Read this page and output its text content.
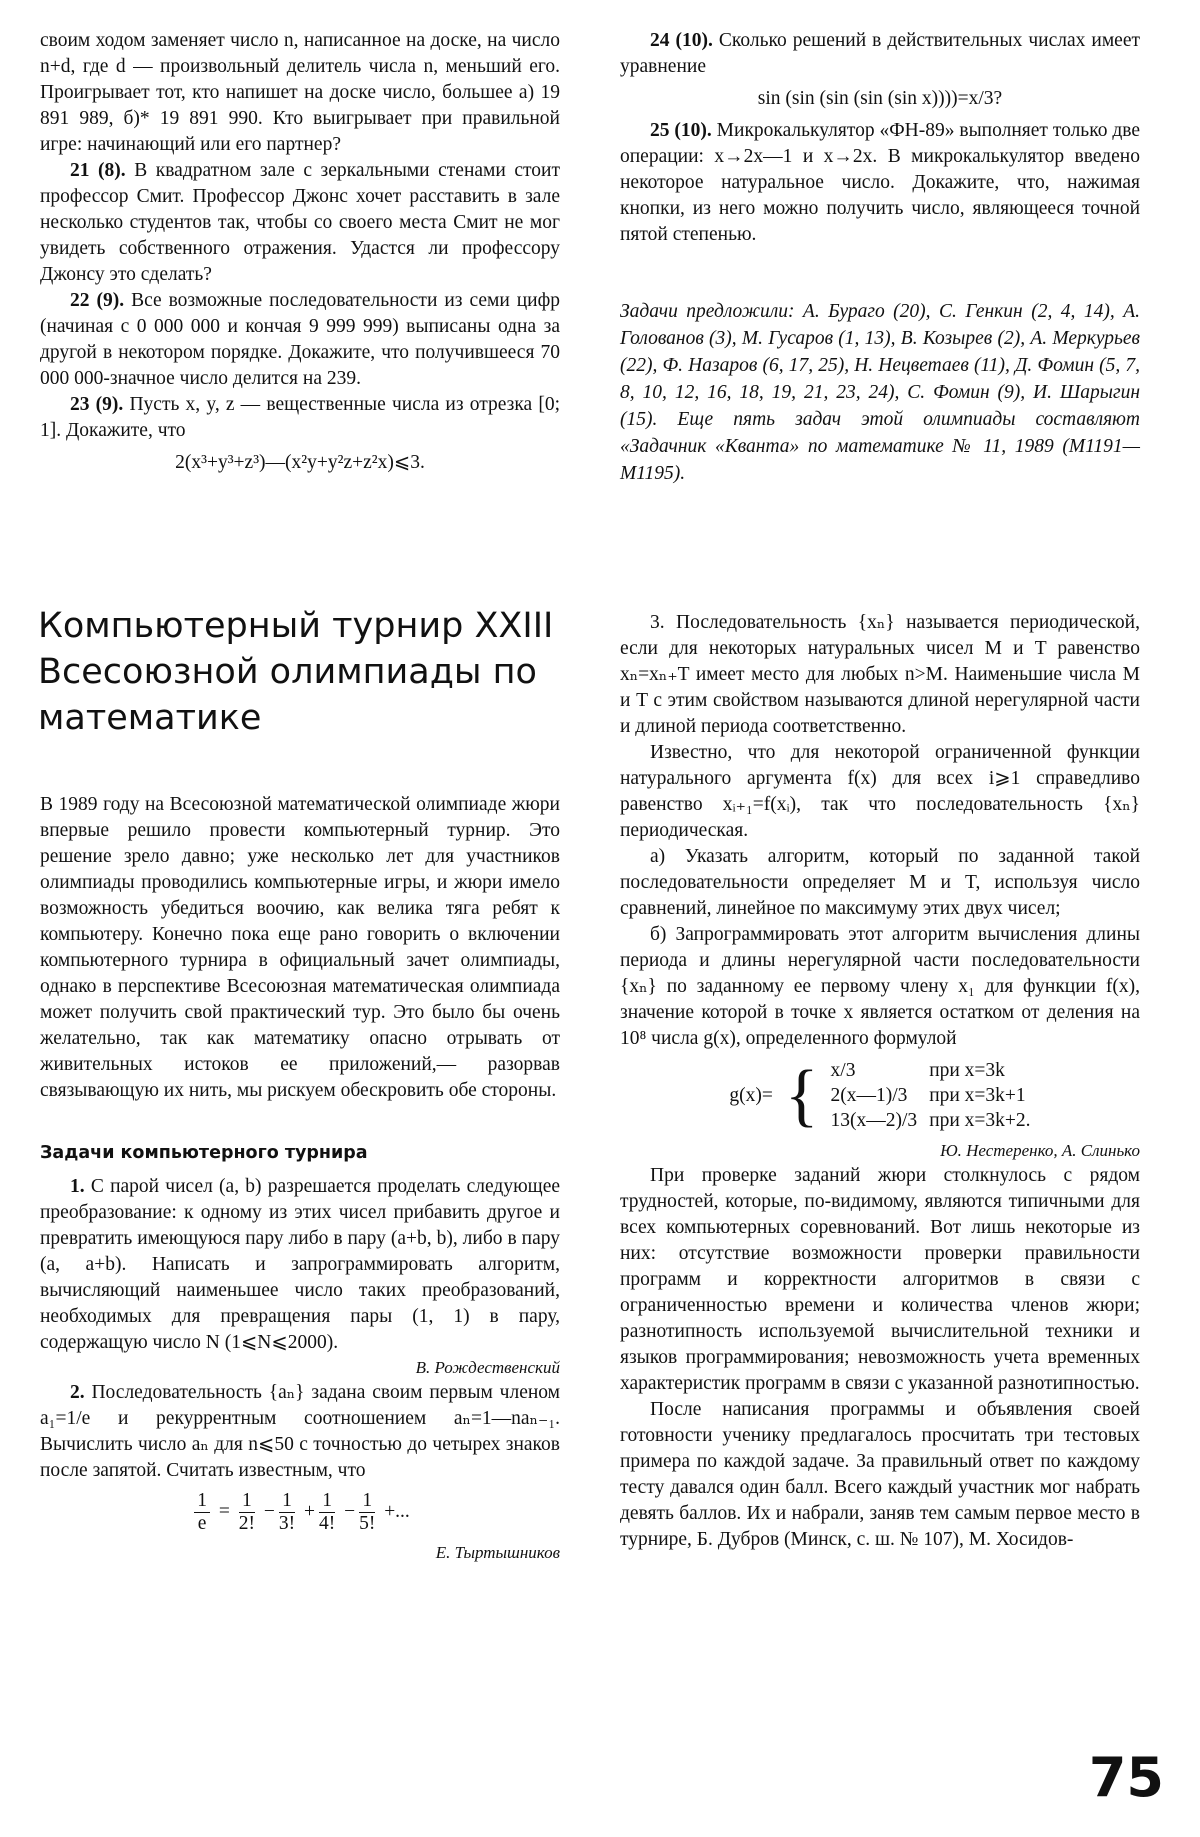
своим ходом заменяет число n, написанное на доске, на число n+d, где d — произвольный делитель числа n, меньший его. Проигрывает тот, кто напишет на доске число, большее а) 19 891 989, б)* 19 891 990. Кто выигрывает при правильной игре: начинающий или его партнер?

21 (8). В квадратном зале с зеркальными стенами стоит профессор Смит. Профессор Джонс хочет расставить в зале несколько студентов так, чтобы со своего места Смит не мог увидеть собственного отражения. Удастся ли профессору Джонсу это сделать?

22 (9). Все возможные последовательности из семи цифр (начиная с 0 000 000 и кончая 9 999 999) выписаны одна за другой в некотором порядке. Докажите, что получившееся 70 000 000-значное число делится на 239.

23 (9). Пусть x, y, z — вещественные числа из отрезка [0; 1]. Докажите, что

2(x³+y³+z³)—(x²y+y²z+z²x)⩽3.

24 (10). Сколько решений в действительных числах имеет уравнение

sin (sin (sin (sin (sin x))))=x/3?

25 (10). Микрокалькулятор «ФН-89» выполняет только две операции: x→2x—1 и x→2x. В микрокалькулятор введено некоторое натуральное число. Докажите, что, нажимая кнопки, из него можно получить число, являющееся точной пятой степенью.

Задачи предложили: А. Бураго (20), С. Генкин (2, 4, 14), А. Голованов (3), М. Гусаров (1, 13), В. Козырев (2), А. Меркурьев (22), Ф. Назаров (6, 17, 25), Н. Нецветаев (11), Д. Фомин (5, 7, 8, 10, 12, 16, 18, 19, 21, 23, 24), С. Фомин (9), И. Шарыгин (15). Еще пять задач этой олимпиады составляют «Задачник «Кванта» по математике № 11, 1989 (М1191—М1195).

Компьютерный турнир XXIII Всесоюзной олимпиады по математике

В 1989 году на Всесоюзной математической олимпиаде жюри впервые решило провести компьютерный турнир. Это решение зрело давно; уже несколько лет для участников олимпиады проводились компьютерные игры, и жюри имело возможность убедиться воочию, как велика тяга ребят к компьютеру. Конечно пока еще рано говорить о включении компьютерного турнира в официальный зачет олимпиады, однако в перспективе Всесоюзная математическая олимпиада может получить свой практический тур. Это было бы очень желательно, так как математику опасно отрывать от живительных истоков ее приложений,— разорвав связывающую их нить, мы рискуем обескровить обе стороны.

Задачи компьютерного турнира

1. С парой чисел (a, b) разрешается проделать следующее преобразование: к одному из этих чисел прибавить другое и превратить имеющуюся пару либо в пару (a+b, b), либо в пару (a, a+b). Написать и запрограммировать алгоритм, вычисляющий наименьшее число таких преобразований, необходимых для превращения пары (1, 1) в пару, содержащую число N (1⩽N⩽2000).

В. Рождественский

2. Последовательность {aₙ} задана своим первым членом a₁=1/e и рекуррентным соотношением aₙ=1—naₙ₋₁. Вычислить число aₙ для n⩽50 с точностью до четырех знаков после запятой. Считать известным, что

$\frac{1}{e} = \frac{1}{2!} - \frac{1}{3!} + \frac{1}{4!} - \frac{1}{5!}$ +...

Е. Тыртышников

3. Последовательность {xₙ} называется периодической, если для некоторых натуральных чисел M и T равенство xₙ=xₙ₊T имеет место для любых n>M. Наименьшие числа M и T с этим свойством называются длиной нерегулярной части и длиной периода соответственно.

Известно, что для некоторой ограниченной функции натурального аргумента f(x) для всех i⩾1 справедливо равенство xᵢ₊₁=f(xᵢ), так что последовательность {xₙ} периодическая.

а) Указать алгоритм, который по заданной такой последовательности определяет M и T, используя число сравнений, линейное по максимуму этих двух чисел;

б) Запрограммировать этот алгоритм вычисления длины периода и длины нерегулярной части последовательности {xₙ} по заданному ее первому члену x₁ для функции f(x), значение которой в точке x является остатком от деления на 10⁸ числа g(x), определенного формулой

g(x)=	{	x/3	при x=3k
		2(x—1)/3	при x=3k+1
		13(x—2)/3	при x=3k+2.

Ю. Нестеренко, А. Слинько

При проверке заданий жюри столкнулось с рядом трудностей, которые, по-видимому, являются типичными для всех компьютерных соревнований. Вот лишь некоторые из них: отсутствие возможности проверки правильности программ и корректности алгоритмов в связи с ограниченностью времени и количества членов жюри; разнотипность используемой вычислительной техники и языков программирования; невозможность учета временных характеристик программ в связи с указанной разнотипностью.

После написания программы и объявления своей готовности ученику предлагалось просчитать три тестовых примера по каждой задаче. За правильный ответ по каждому тесту давался один балл. Всего каждый участник мог набрать девять баллов. Их и набрали, заняв тем самым первое место в турнире, Б. Дубров (Минск, с. ш. № 107), М. Хосидов-

75
